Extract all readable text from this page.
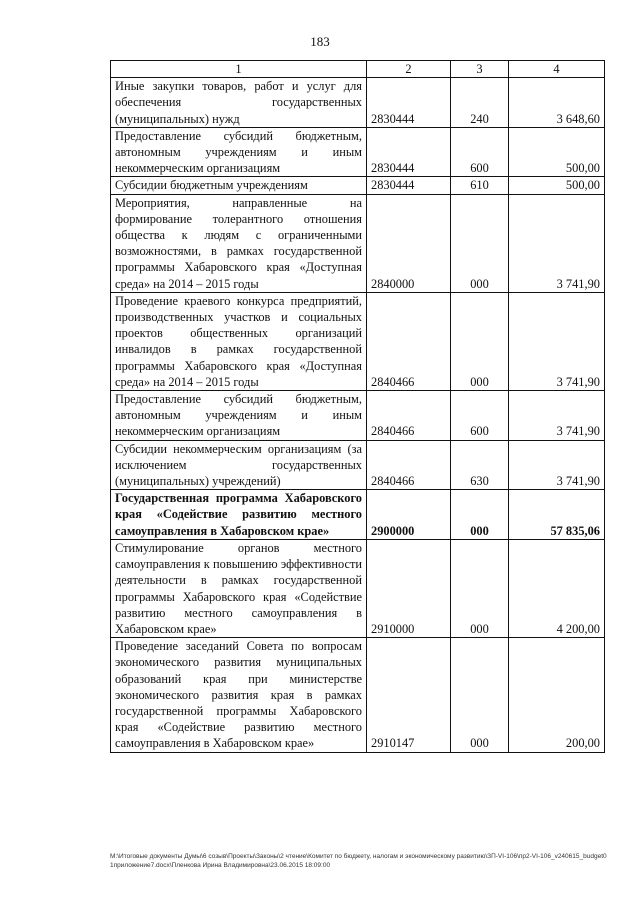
183
1	2	3	4
Иные закупки товаров, работ и услуг для обеспечения государственных (муниципальных) нужд	2830444	240	3 648,60
Предоставление субсидий бюджетным, автономным учреждениям и иным некоммерческим организациям	2830444	600	500,00
Субсидии бюджетным учреждениям	2830444	610	500,00
Мероприятия, направленные на формирование толерантного отношения общества к людям с ограниченными возможностями, в рамках государственной программы Хабаровского края «Доступная среда» на 2014 – 2015 годы	2840000	000	3 741,90
Проведение краевого конкурса предприятий, производственных участков и социальных проектов общественных организаций инвалидов в рамках государственной программы Хабаровского края «Доступная среда» на 2014 – 2015 годы	2840466	000	3 741,90
Предоставление субсидий бюджетным, автономным учреждениям и иным некоммерческим организациям	2840466	600	3 741,90
Субсидии некоммерческим организациям (за исключением государственных (муниципальных) учреждений)	2840466	630	3 741,90
Государственная программа Хабаровского края «Содействие развитию местного самоуправления в Хабаровском крае»	2900000	000	57 835,06
Стимулирование органов местного самоуправления к повышению эффективности деятельности в рамках государственной программы Хабаровского края «Содействие развитию местного самоуправления в Хабаровском крае»	2910000	000	4 200,00
Проведение заседаний Совета по вопросам экономического развития муниципальных образований края при министерстве экономического развития края в рамках государственной программы Хабаровского края «Содействие развитию местного самоуправления в Хабаровском крае»	2910147	000	200,00
М:\Итоговые документы Думы\6 созыв\Проекты\Законы\2 чтение\Комитет по бюджету, налогам и экономическому развитию\ЗП-VI-106\пр2-VI-106_v240615_budget01приложение7.docx\Пленкова Ирина Владимировна\23.06.2015 18:09:00
